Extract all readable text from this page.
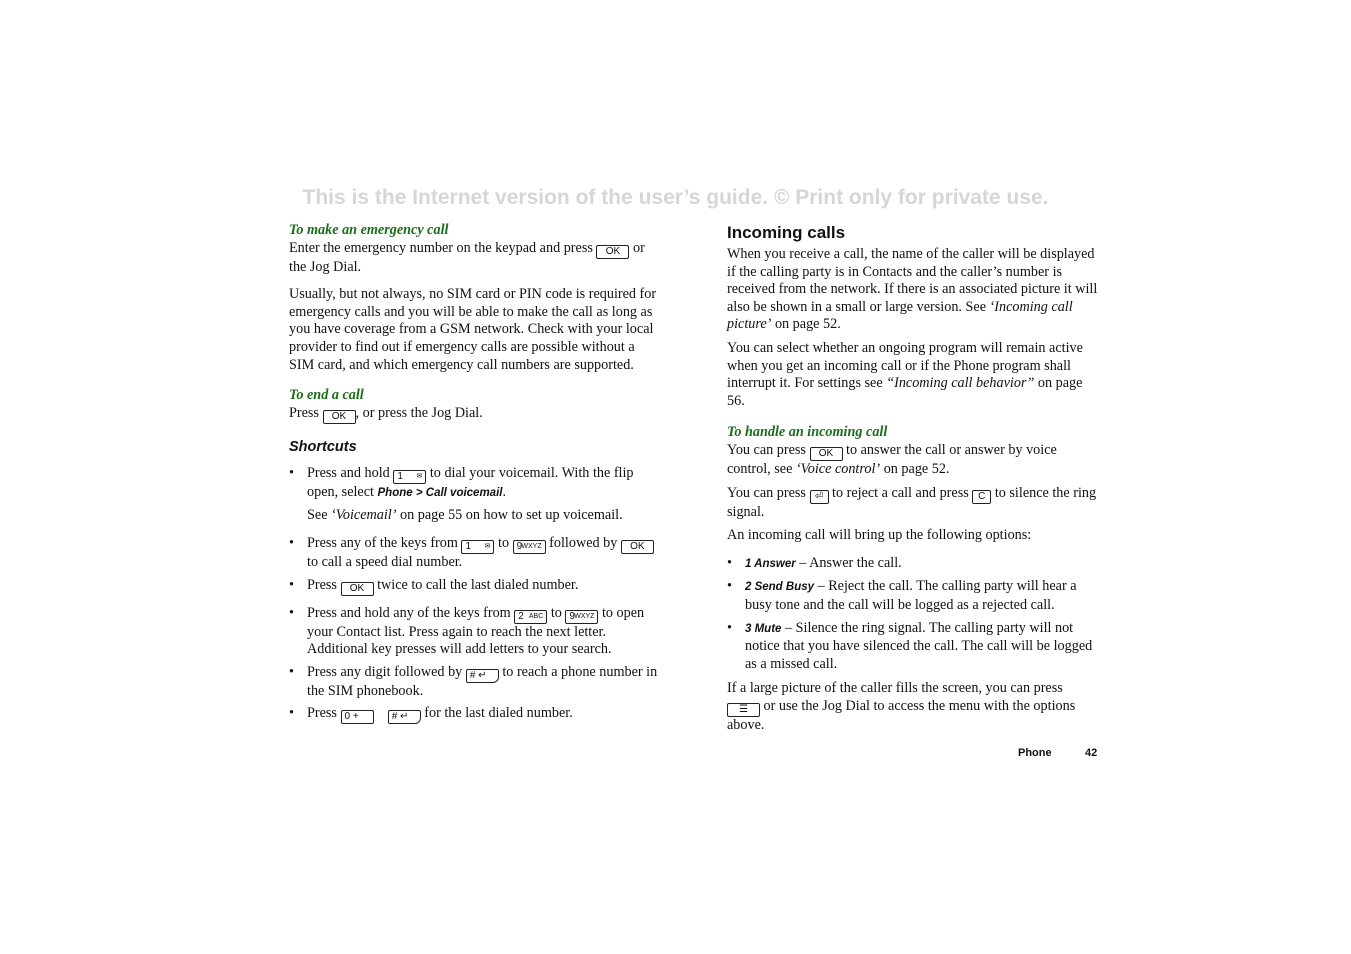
This is the Internet version of the user’s guide. © Print only for private use.

To make an emergency call

Enter the emergency number on the keypad and press OK or the Jog Dial.

Usually, but not always, no SIM card or PIN code is required for emergency calls and you will be able to make the call as long as you have coverage from a GSM network. Check with your local provider to find out if emergency calls are possible without a SIM card, and which emergency call numbers are supported.

To end a call

Press OK , or press the Jog Dial.

Shortcuts

• Press and hold 1 ✉ to dial your voicemail. With the flip open, select Phone > Call voicemail.

See ‘Voicemail’ on page 55 on how to set up voicemail.

• Press any of the keys from 1 ✉ to 9 WXYZ followed by OK to call a speed dial number.
• Press OK twice to call the last dialed number.
• Press and hold any of the keys from 2 ABC to 9 WXYZ to open your Contact list. Press again to reach the next letter. Additional key presses will add letters to your search.
• Press any digit followed by # ↵ to reach a phone number in the SIM phonebook.
• Press 0 +	# ↵ for the last dialed number.

Incoming calls

When you receive a call, the name of the caller will be displayed if the calling party is in Contacts and the caller’s number is received from the network. If there is an associated picture it will also be shown in a small or large version. See ‘Incoming call picture’ on page 52.

You can select whether an ongoing program will remain active when you get an incoming call or if the Phone program shall interrupt it. For settings see “Incoming call behavior” on page 56.

To handle an incoming call

You can press OK to answer the call or answer by voice control, see ‘Voice control’ on page 52.

You can press ⏎ to reject a call and press C to silence the ring signal.

An incoming call will bring up the following options:

• 1 Answer – Answer the call.
• 2 Send Busy – Reject the call. The calling party will hear a busy tone and the call will be logged as a rejected call.
• 3 Mute – Silence the ring signal. The calling party will not notice that you have silenced the call. The call will be logged as a missed call.

If a large picture of the caller fills the screen, you can press ☰ or use the Jog Dial to access the menu with the options above.

Phone	42
